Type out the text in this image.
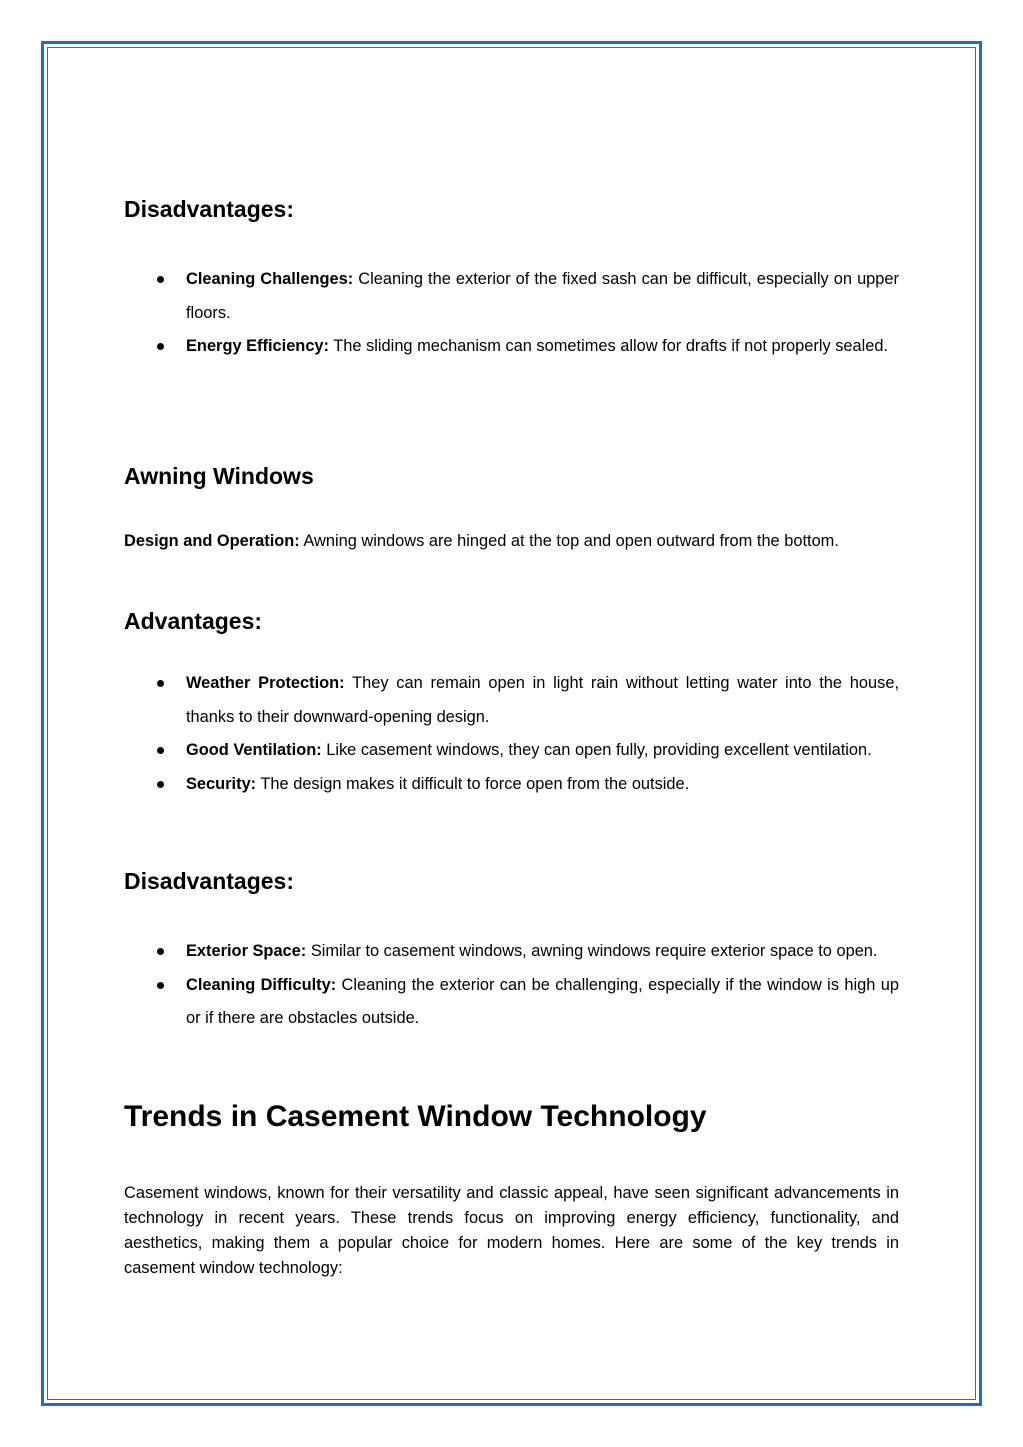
Disadvantages:
Cleaning Challenges: Cleaning the exterior of the fixed sash can be difficult, especially on upper floors.
Energy Efficiency: The sliding mechanism can sometimes allow for drafts if not properly sealed.
Awning Windows

Design and Operation: Awning windows are hinged at the top and open outward from the bottom.

Advantages:
Weather Protection: They can remain open in light rain without letting water into the house, thanks to their downward-opening design.
Good Ventilation: Like casement windows, they can open fully, providing excellent ventilation.
Security: The design makes it difficult to force open from the outside.
Disadvantages:
Exterior Space: Similar to casement windows, awning windows require exterior space to open.
Cleaning Difficulty: Cleaning the exterior can be challenging, especially if the window is high up or if there are obstacles outside.
Trends in Casement Window Technology

Casement windows, known for their versatility and classic appeal, have seen significant advancements in technology in recent years. These trends focus on improving energy efficiency, functionality, and aesthetics, making them a popular choice for modern homes. Here are some of the key trends in casement window technology:
